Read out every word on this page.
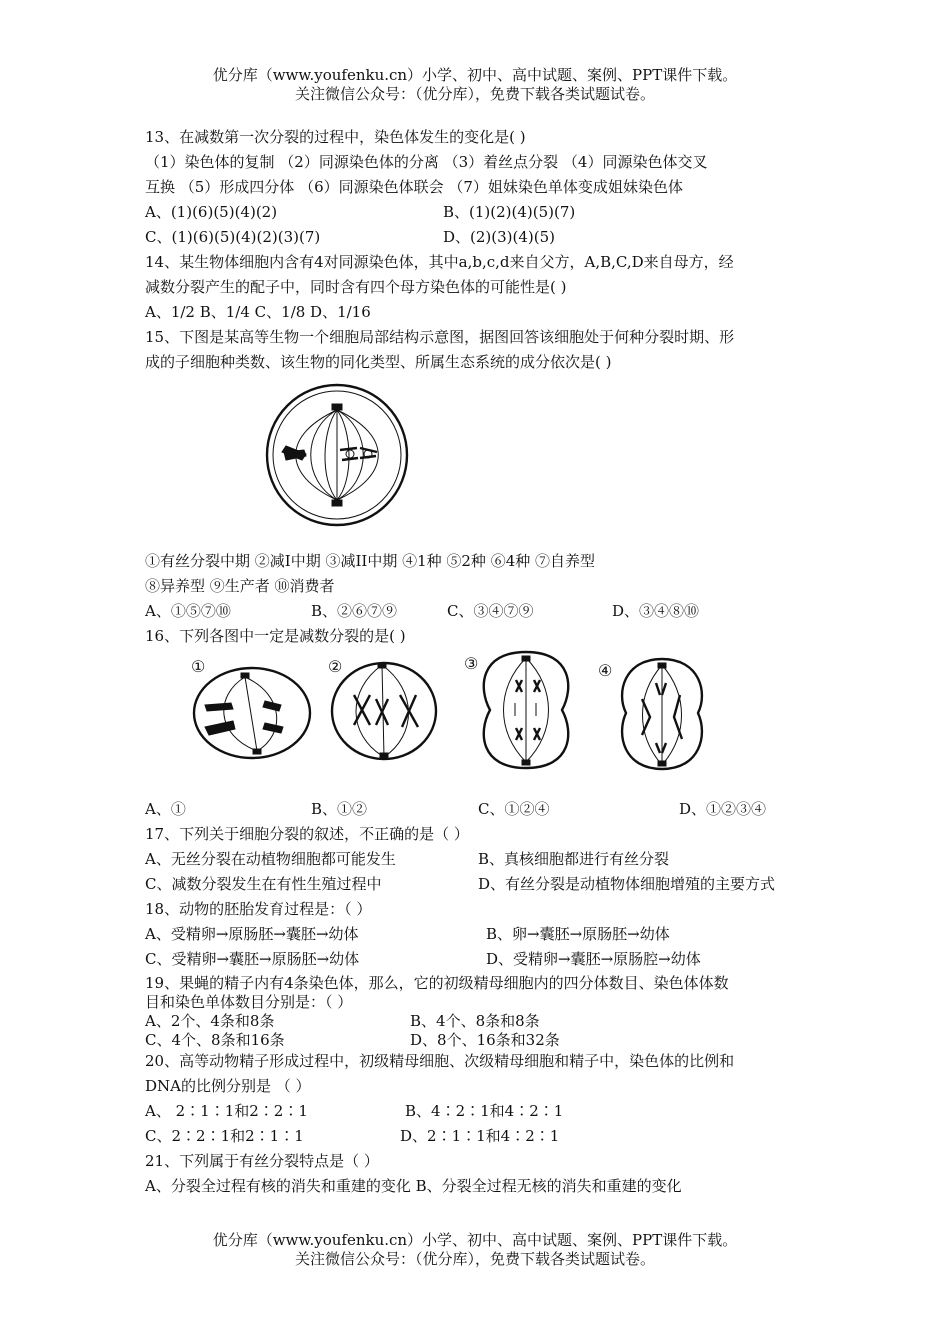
优分库（www.youfenku.cn）小学、初中、高中试题、案例、PPT课件下载。
关注微信公众号：（优分库），免费下载各类试题试卷。
13、在减数第一次分裂的过程中，染色体发生的变化是( )
（1）染色体的复制 （2）同源染色体的分离 （3）着丝点分裂 （4）同源染色体交叉
互换 （5）形成四分体 （6）同源染色体联会 （7）姐妹染色单体变成姐妹染色体
A、(1)(6)(5)(4)(2)	B、(1)(2)(4)(5)(7)
C、(1)(6)(5)(4)(2)(3)(7)	D、(2)(3)(4)(5)
14、某生物体细胞内含有4对同源染色体，其中a,b,c,d来自父方，A,B,C,D来自母方，经
减数分裂产生的配子中，同时含有四个母方染色体的可能性是( )
A、1/2 B、1/4 C、1/8 D、1/16
15、下图是某高等生物一个细胞局部结构示意图，据图回答该细胞处于何种分裂时期、形
成的子细胞种类数、该生物的同化类型、所属生态系统的成分依次是( )
①有丝分裂中期 ②减Ⅰ中期 ③减II中期 ④1种 ⑤2种 ⑥4种 ⑦自养型
⑧异养型 ⑨生产者 ⑩消费者
A、①⑤⑦⑩	B、②⑥⑦⑨	C、③④⑦⑨	D、③④⑧⑩
16、下列各图中一定是减数分裂的是( )
①	②	③	④
A、①	B、①②	C、①②④	D、①②③④
17、下列关于细胞分裂的叙述，不正确的是（ ）
A、无丝分裂在动植物细胞都可能发生	B、真核细胞都进行有丝分裂
C、减数分裂发生在有性生殖过程中	D、有丝分裂是动植物体细胞增殖的主要方式
18、动物的胚胎发育过程是：（ ）
A、受精卵→原肠胚→囊胚→幼体	B、卵→囊胚→原肠胚→幼体
C、受精卵→囊胚→原肠胚→幼体	D、受精卵→囊胚→原肠腔→幼体
19、果蝇的精子内有4条染色体，那么，它的初级精母细胞内的四分体数目、染色体体数
目和染色单体数目分别是：（ ）
A、2个、4条和8条	B、4个、8条和8条
C、4个、8条和16条	D、8个、16条和32条
20、高等动物精子形成过程中，初级精母细胞、次级精母细胞和精子中，染色体的比例和
DNA的比例分别是 （ ）
A、 2∶1∶1和2∶2∶1	B、4∶2∶1和4∶2∶1
C、2∶2∶1和2∶1∶1	D、2∶1∶1和4∶2∶1
21、下列属于有丝分裂特点是（ ）
A、分裂全过程有核的消失和重建的变化 B、分裂全过程无核的消失和重建的变化
优分库（www.youfenku.cn）小学、初中、高中试题、案例、PPT课件下载。
关注微信公众号：（优分库），免费下载各类试题试卷。
